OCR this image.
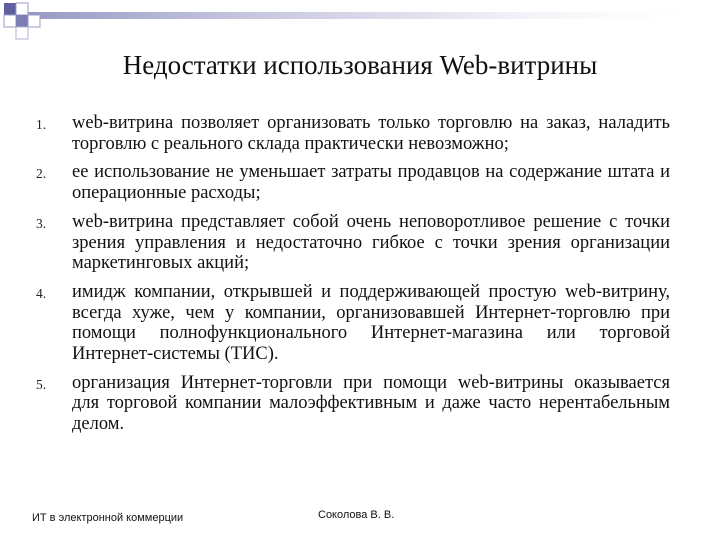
Недостатки использования Web-витрины
1.	web-витрина позволяет организовать только торговлю на заказ, наладить торговлю с реального склада практически невозможно;
2.	ее использование не уменьшает затраты продавцов на содержание штата и операционные расходы;
3.	web-витрина представляет собой очень неповоротливое решение с точки зрения управления и недостаточно гибкое с точки зрения организации маркетинговых акций;
4.	имидж компании, открывшей и поддерживающей простую web-витрину, всегда хуже, чем у компании, организовавшей Интернет-торговлю при помощи полнофункционального Интернет-магазина или торговой Интернет-системы (ТИС).
5.	организация Интернет-торговли при помощи web-витрины оказывается для торговой компании малоэффективным и даже часто нерентабельным делом.
ИТ в электронной коммерции	Соколова В. В.
